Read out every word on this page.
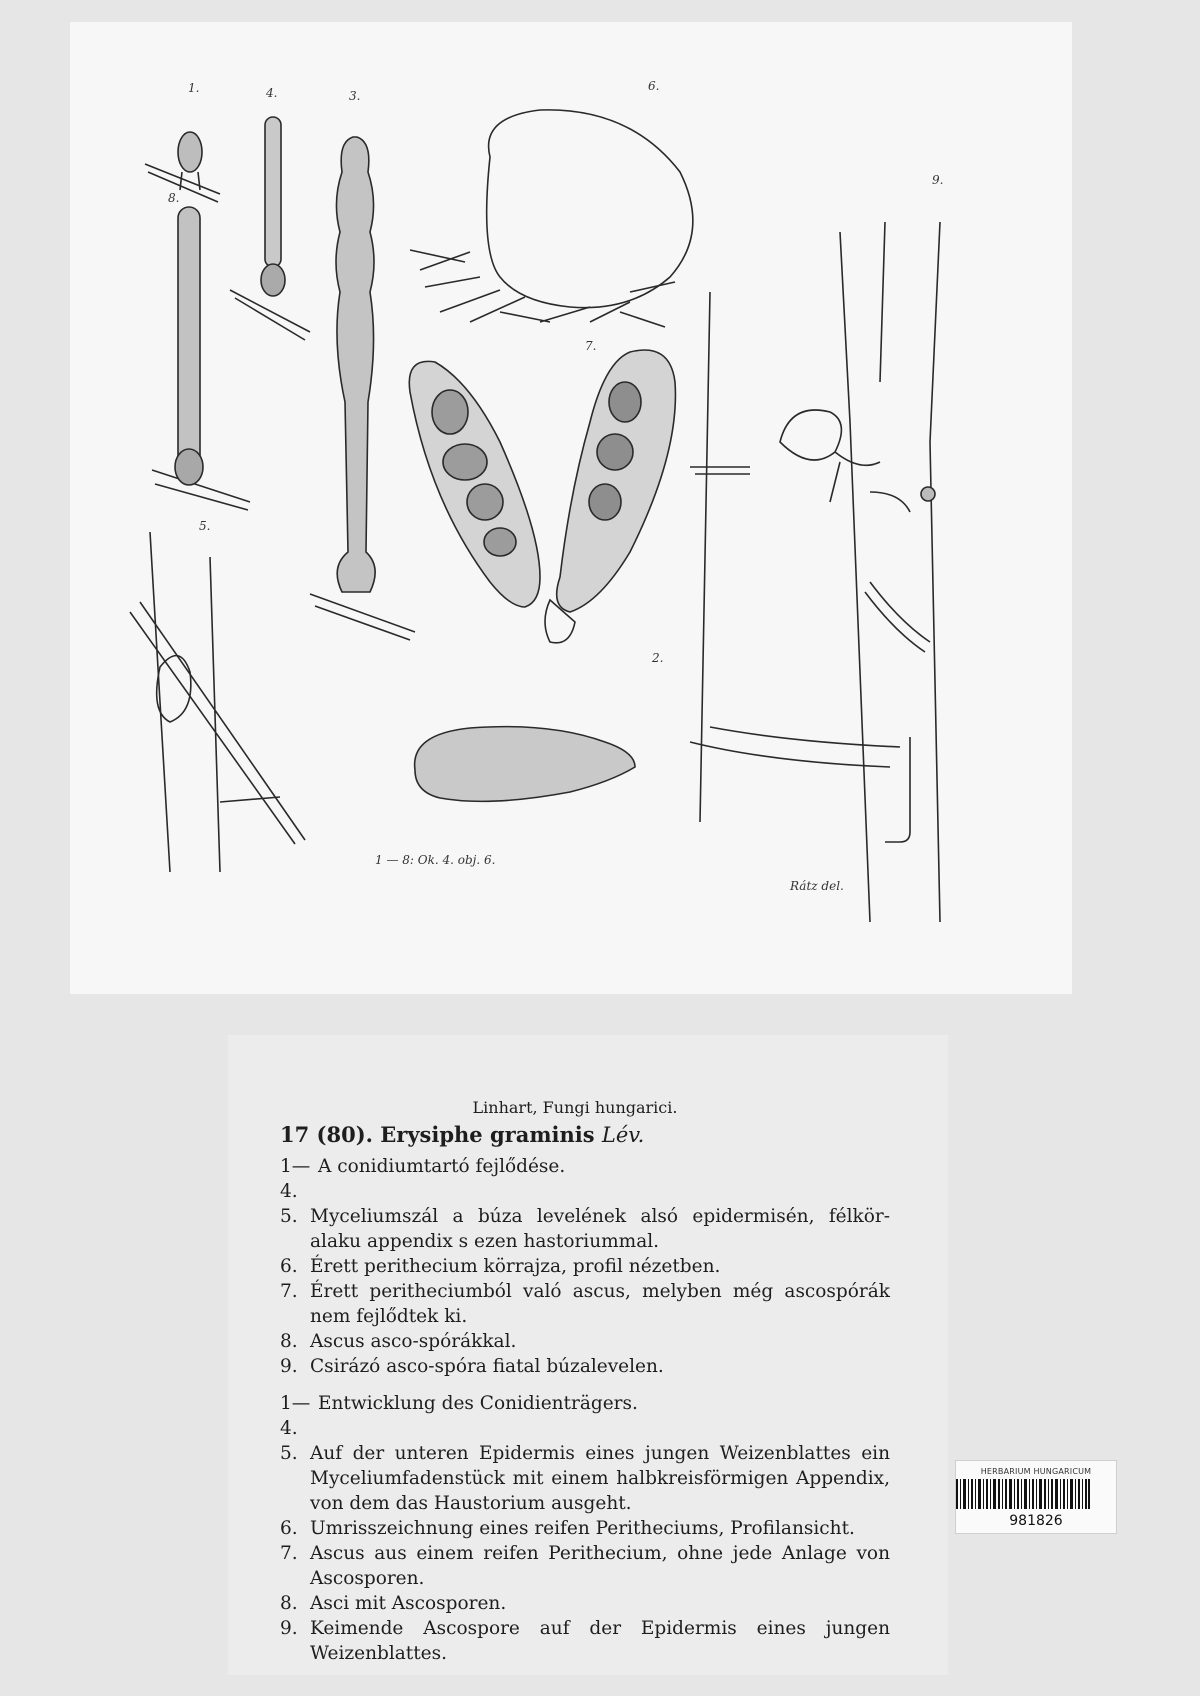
1.
2.
3.
4.
5.
6.
7.
8.
9.
1 — 8: Ok. 4. obj. 6.
Rátz del.
Linhart, Fungi hungarici.
17 (80). Erysiphe graminis Lév.
1—4.
A conidiumtartó fejlődése.
5. Myceliumszál a búza levelének alsó epidermisén, félkör-alaku appendix s ezen hastoriummal.
6. Érett perithecium körrajza, profil nézetben.
7. Érett peritheciumból való ascus, melyben még ascospórák nem fejlődtek ki.
8. Ascus asco-spórákkal.
9. Csirázó asco-spóra fiatal búzalevelen.
1—4.
Entwicklung des Conidienträgers.
5. Auf der unteren Epidermis eines jungen Weizenblattes ein Myceliumfadenstück mit einem halbkreisförmigen Appendix, von dem das Haustorium ausgeht.
6. Umrisszeichnung eines reifen Peritheciums, Profilansicht.
7. Ascus aus einem reifen Perithecium, ohne jede Anlage von Ascosporen.
8. Asci mit Ascosporen.
9. Keimende Ascospore auf der Epidermis eines jungen Weizenblattes.
HERBARIUM HUNGARICUM
981826
